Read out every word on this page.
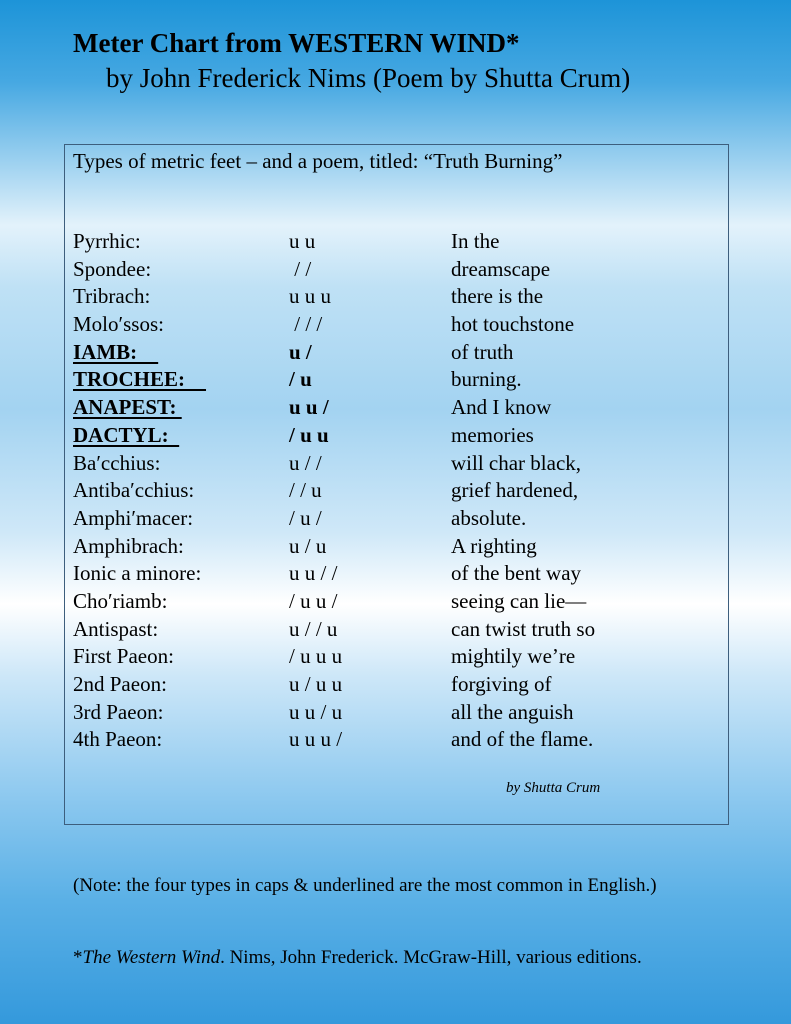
Meter Chart from WESTERN WIND*
by John Frederick Nims (Poem by Shutta Crum)
Types of metric feet – and a poem, titled: “Truth Burning”
Pyrrhic:	u u	In the
Spondee:	/ /	dreamscape
Tribrach:	u u u	there is the
Molo′ssos:	/ / /	hot touchstone
IAMB:	u /	of truth
TROCHEE:	/ u	burning.
ANAPEST:	u u /	And I know
DACTYL:	/ u u	memories
Ba′cchius:	u / /	will char black,
Antiba′cchius:	/ / u	grief hardened,
Amphi′macer:	/ u /	absolute.
Amphibrach:	u / u	A righting
Ionic a minore:	u u / /	of the bent way
Cho′riamb:	/ u u /	seeing can lie—
Antispast:	u / / u	can twist truth so
First Paeon:	/ u u u	mightily we’re
2nd Paeon:	u / u u	forgiving of
3rd Paeon:	u u / u	all the anguish
4th Paeon:	u u u /	and of the flame.
by Shutta Crum
(Note: the four types in caps & underlined are the most common in English.)
*The Western Wind. Nims, John Frederick. McGraw-Hill, various editions.
